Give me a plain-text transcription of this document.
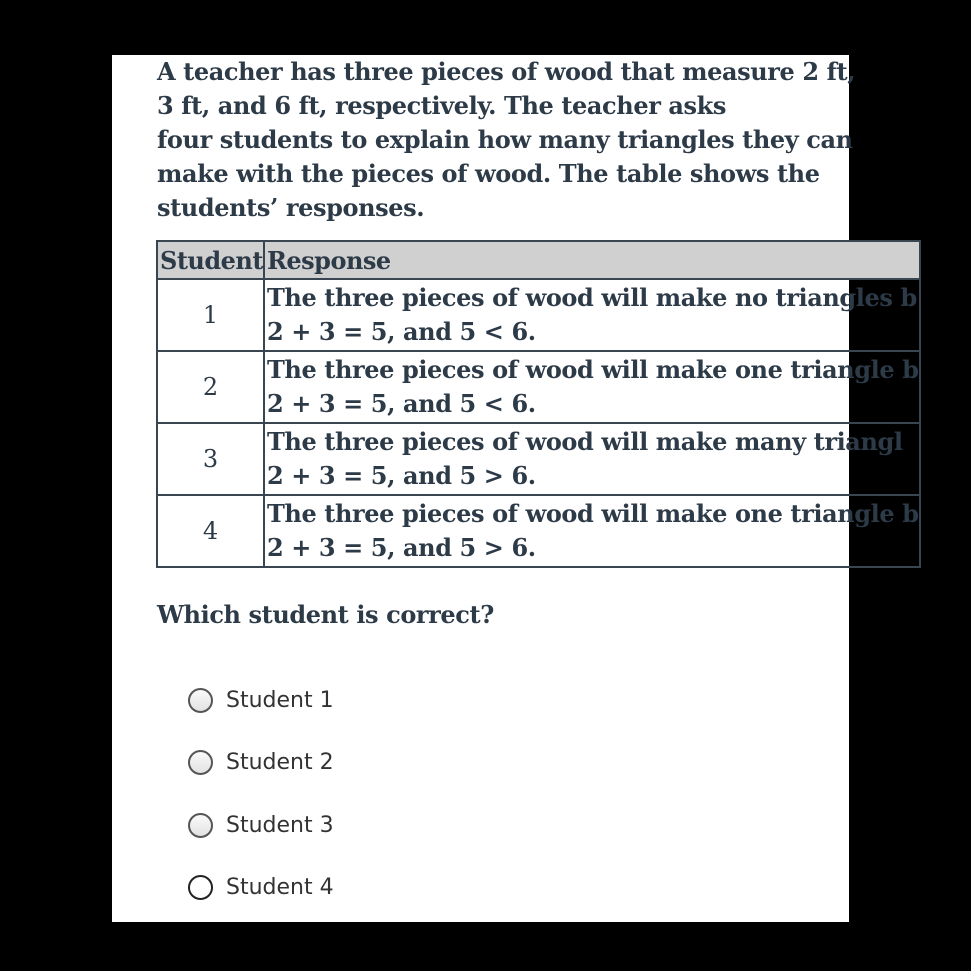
A teacher has three pieces of wood that measure 2 ft,
3 ft, and 6 ft, respectively. The teacher asks
four students to explain how many triangles they can
make with the pieces of wood. The table shows the
students’ responses.

Student	Response
1	The three pieces of wood will make no triangles b
2 + 3 = 5, and 5 < 6.

2	The three pieces of wood will make one triangle b
2 + 3 = 5, and 5 < 6.

3	The three pieces of wood will make many triangl
2 + 3 = 5, and 5 > 6.

4	The three pieces of wood will make one triangle b
2 + 3 = 5, and 5 > 6.

Which student is correct?

Student 1
Student 2
Student 3
Student 4
